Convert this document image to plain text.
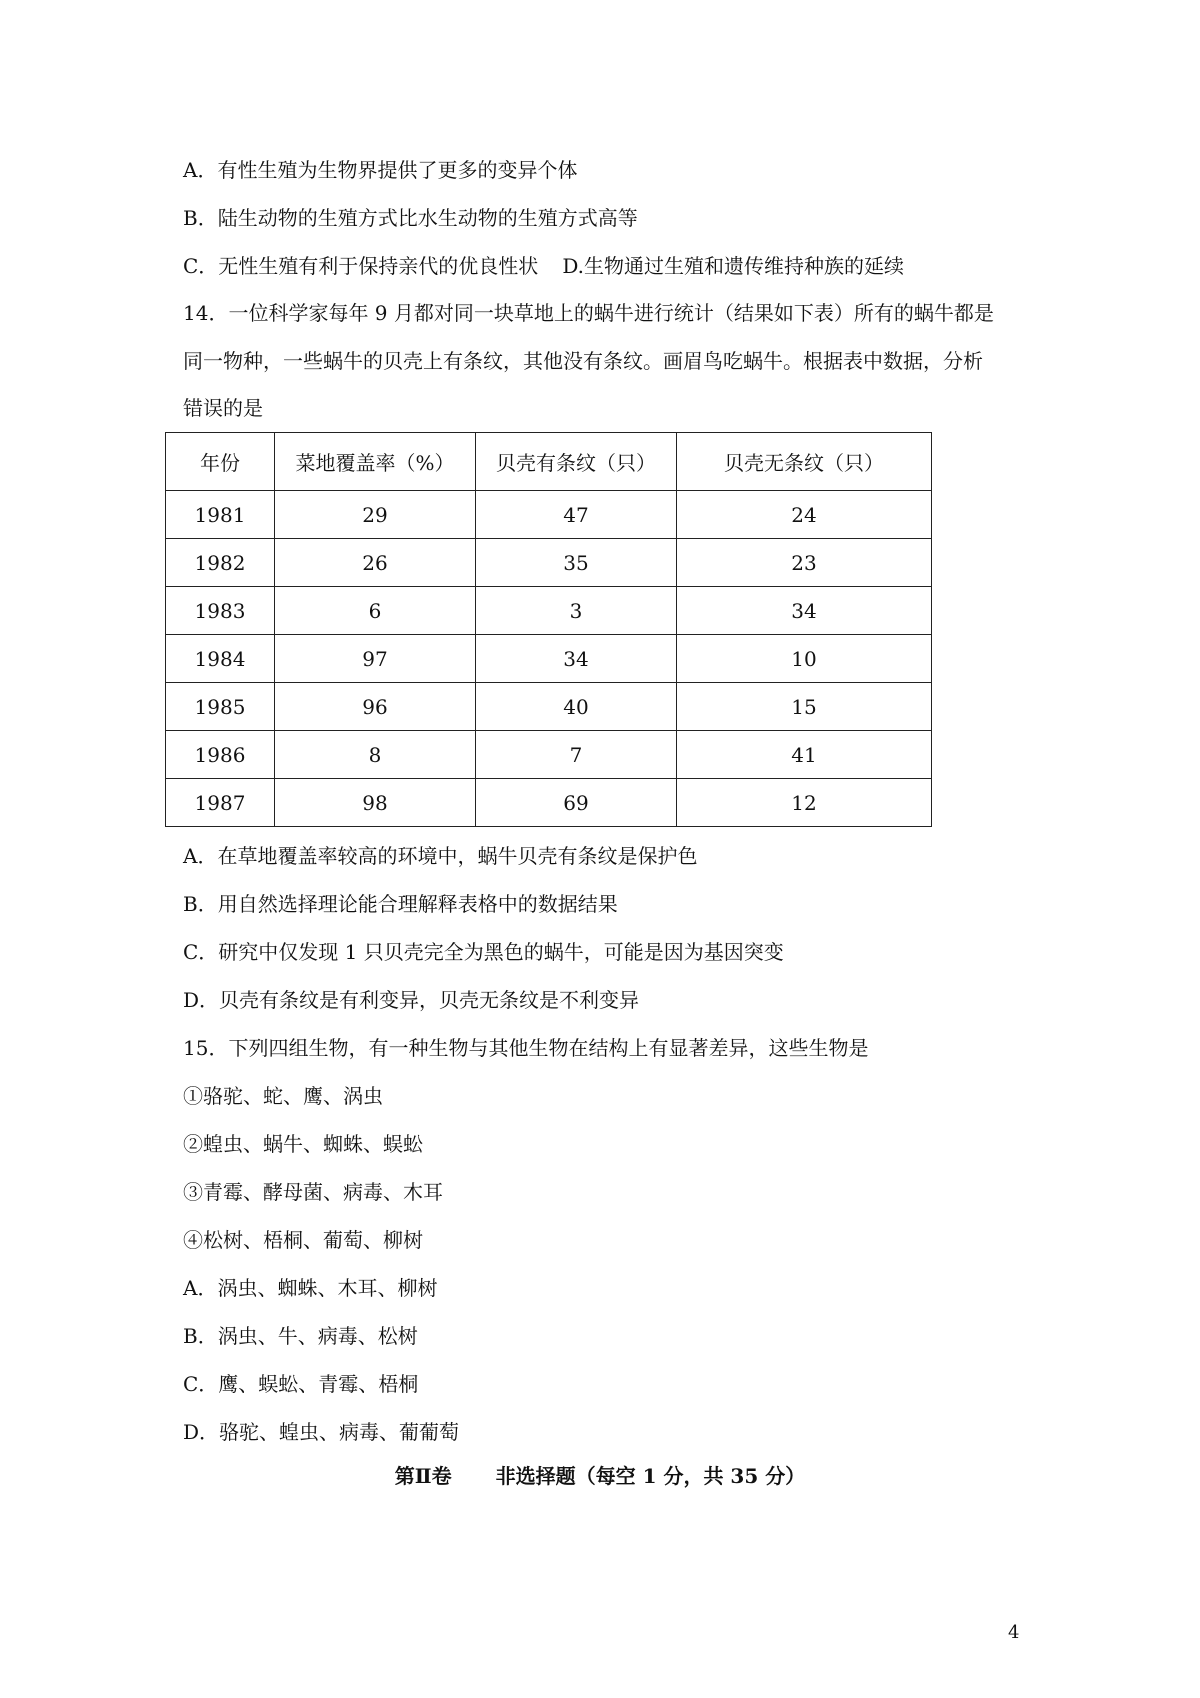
A．有性生殖为生物界提供了更多的变异个体
B．陆生动物的生殖方式比水生动物的生殖方式高等
C．无性生殖有利于保持亲代的优良性状 D.生物通过生殖和遗传维持种族的延续
14．一位科学家每年 9 月都对同一块草地上的蜗牛进行统计（结果如下表）所有的蜗牛都是
同一物种，一些蜗牛的贝壳上有条纹，其他没有条纹。画眉鸟吃蜗牛。根据表中数据，分析
错误的是
年份	菜地覆盖率（%）	贝壳有条纹（只）	贝壳无条纹（只）
1981	29	47	24
1982	26	35	23
1983	6	3	34
1984	97	34	10
1985	96	40	15
1986	8	7	41
1987	98	69	12
A．在草地覆盖率较高的环境中，蜗牛贝壳有条纹是保护色
B．用自然选择理论能合理解释表格中的数据结果
C．研究中仅发现 1 只贝壳完全为黑色的蜗牛，可能是因为基因突变
D．贝壳有条纹是有利变异，贝壳无条纹是不利变异
15．下列四组生物，有一种生物与其他生物在结构上有显著差异，这些生物是
①骆驼、蛇、鹰、涡虫
②蝗虫、蜗牛、蜘蛛、蜈蚣
③青霉、酵母菌、病毒、木耳
④松树、梧桐、葡萄、柳树
A．涡虫、蜘蛛、木耳、柳树
B．涡虫、牛、病毒、松树
C．鹰、蜈蚣、青霉、梧桐
D．骆驼、蝗虫、病毒、葡葡萄
第Ⅱ卷 非选择题（每空 1 分，共 35 分）
4
